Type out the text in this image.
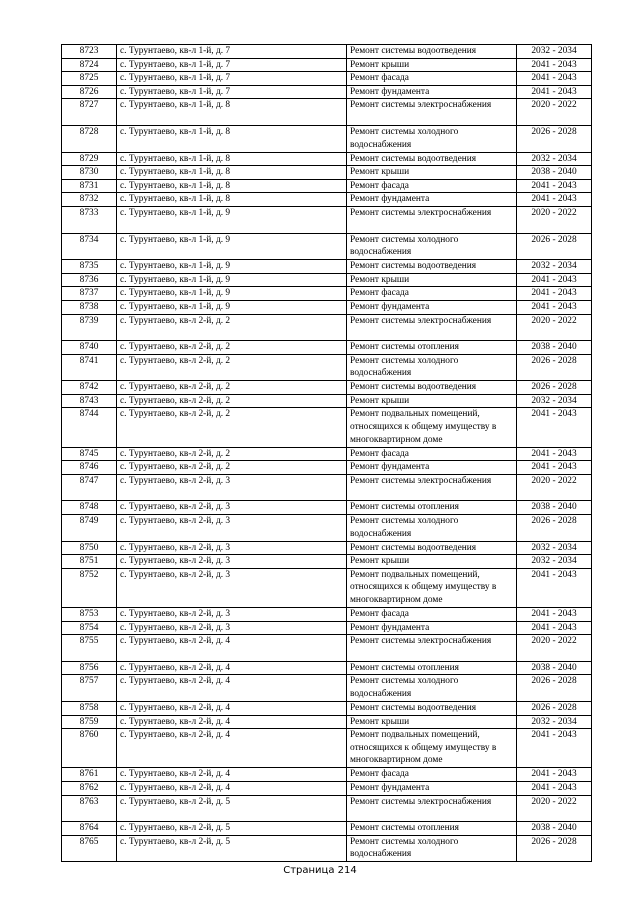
8723	с. Турунтаево, кв-л 1-й, д. 7	Ремонт системы водоотведения	2032 - 2034
8724	с. Турунтаево, кв-л 1-й, д. 7	Ремонт крыши	2041 - 2043
8725	с. Турунтаево, кв-л 1-й, д. 7	Ремонт фасада	2041 - 2043
8726	с. Турунтаево, кв-л 1-й, д. 7	Ремонт фундамента	2041 - 2043
8727	с. Турунтаево, кв-л 1-й, д. 8	Ремонт системы электроснабжения	2020 - 2022
8728	с. Турунтаево, кв-л 1-й, д. 8	Ремонт системы холодного водоснабжения	2026 - 2028
8729	с. Турунтаево, кв-л 1-й, д. 8	Ремонт системы водоотведения	2032 - 2034
8730	с. Турунтаево, кв-л 1-й, д. 8	Ремонт крыши	2038 - 2040
8731	с. Турунтаево, кв-л 1-й, д. 8	Ремонт фасада	2041 - 2043
8732	с. Турунтаево, кв-л 1-й, д. 8	Ремонт фундамента	2041 - 2043
8733	с. Турунтаево, кв-л 1-й, д. 9	Ремонт системы электроснабжения	2020 - 2022
8734	с. Турунтаево, кв-л 1-й, д. 9	Ремонт системы холодного водоснабжения	2026 - 2028
8735	с. Турунтаево, кв-л 1-й, д. 9	Ремонт системы водоотведения	2032 - 2034
8736	с. Турунтаево, кв-л 1-й, д. 9	Ремонт крыши	2041 - 2043
8737	с. Турунтаево, кв-л 1-й, д. 9	Ремонт фасада	2041 - 2043
8738	с. Турунтаево, кв-л 1-й, д. 9	Ремонт фундамента	2041 - 2043
8739	с. Турунтаево, кв-л 2-й, д. 2	Ремонт системы электроснабжения	2020 - 2022
8740	с. Турунтаево, кв-л 2-й, д. 2	Ремонт системы отопления	2038 - 2040
8741	с. Турунтаево, кв-л 2-й, д. 2	Ремонт системы холодного водоснабжения	2026 - 2028
8742	с. Турунтаево, кв-л 2-й, д. 2	Ремонт системы водоотведения	2026 - 2028
8743	с. Турунтаево, кв-л 2-й, д. 2	Ремонт крыши	2032 - 2034
8744	с. Турунтаево, кв-л 2-й, д. 2	Ремонт подвальных помещений, относящихся к общему имуществу в многоквартирном доме	2041 - 2043
8745	с. Турунтаево, кв-л 2-й, д. 2	Ремонт фасада	2041 - 2043
8746	с. Турунтаево, кв-л 2-й, д. 2	Ремонт фундамента	2041 - 2043
8747	с. Турунтаево, кв-л 2-й, д. 3	Ремонт системы электроснабжения	2020 - 2022
8748	с. Турунтаево, кв-л 2-й, д. 3	Ремонт системы отопления	2038 - 2040
8749	с. Турунтаево, кв-л 2-й, д. 3	Ремонт системы холодного водоснабжения	2026 - 2028
8750	с. Турунтаево, кв-л 2-й, д. 3	Ремонт системы водоотведения	2032 - 2034
8751	с. Турунтаево, кв-л 2-й, д. 3	Ремонт крыши	2032 - 2034
8752	с. Турунтаево, кв-л 2-й, д. 3	Ремонт подвальных помещений, относящихся к общему имуществу в многоквартирном доме	2041 - 2043
8753	с. Турунтаево, кв-л 2-й, д. 3	Ремонт фасада	2041 - 2043
8754	с. Турунтаево, кв-л 2-й, д. 3	Ремонт фундамента	2041 - 2043
8755	с. Турунтаево, кв-л 2-й, д. 4	Ремонт системы электроснабжения	2020 - 2022
8756	с. Турунтаево, кв-л 2-й, д. 4	Ремонт системы отопления	2038 - 2040
8757	с. Турунтаево, кв-л 2-й, д. 4	Ремонт системы холодного водоснабжения	2026 - 2028
8758	с. Турунтаево, кв-л 2-й, д. 4	Ремонт системы водоотведения	2026 - 2028
8759	с. Турунтаево, кв-л 2-й, д. 4	Ремонт крыши	2032 - 2034
8760	с. Турунтаево, кв-л 2-й, д. 4	Ремонт подвальных помещений, относящихся к общему имуществу в многоквартирном доме	2041 - 2043
8761	с. Турунтаево, кв-л 2-й, д. 4	Ремонт фасада	2041 - 2043
8762	с. Турунтаево, кв-л 2-й, д. 4	Ремонт фундамента	2041 - 2043
8763	с. Турунтаево, кв-л 2-й, д. 5	Ремонт системы электроснабжения	2020 - 2022
8764	с. Турунтаево, кв-л 2-й, д. 5	Ремонт системы отопления	2038 - 2040
8765	с. Турунтаево, кв-л 2-й, д. 5	Ремонт системы холодного водоснабжения	2026 - 2028
Страница 214
